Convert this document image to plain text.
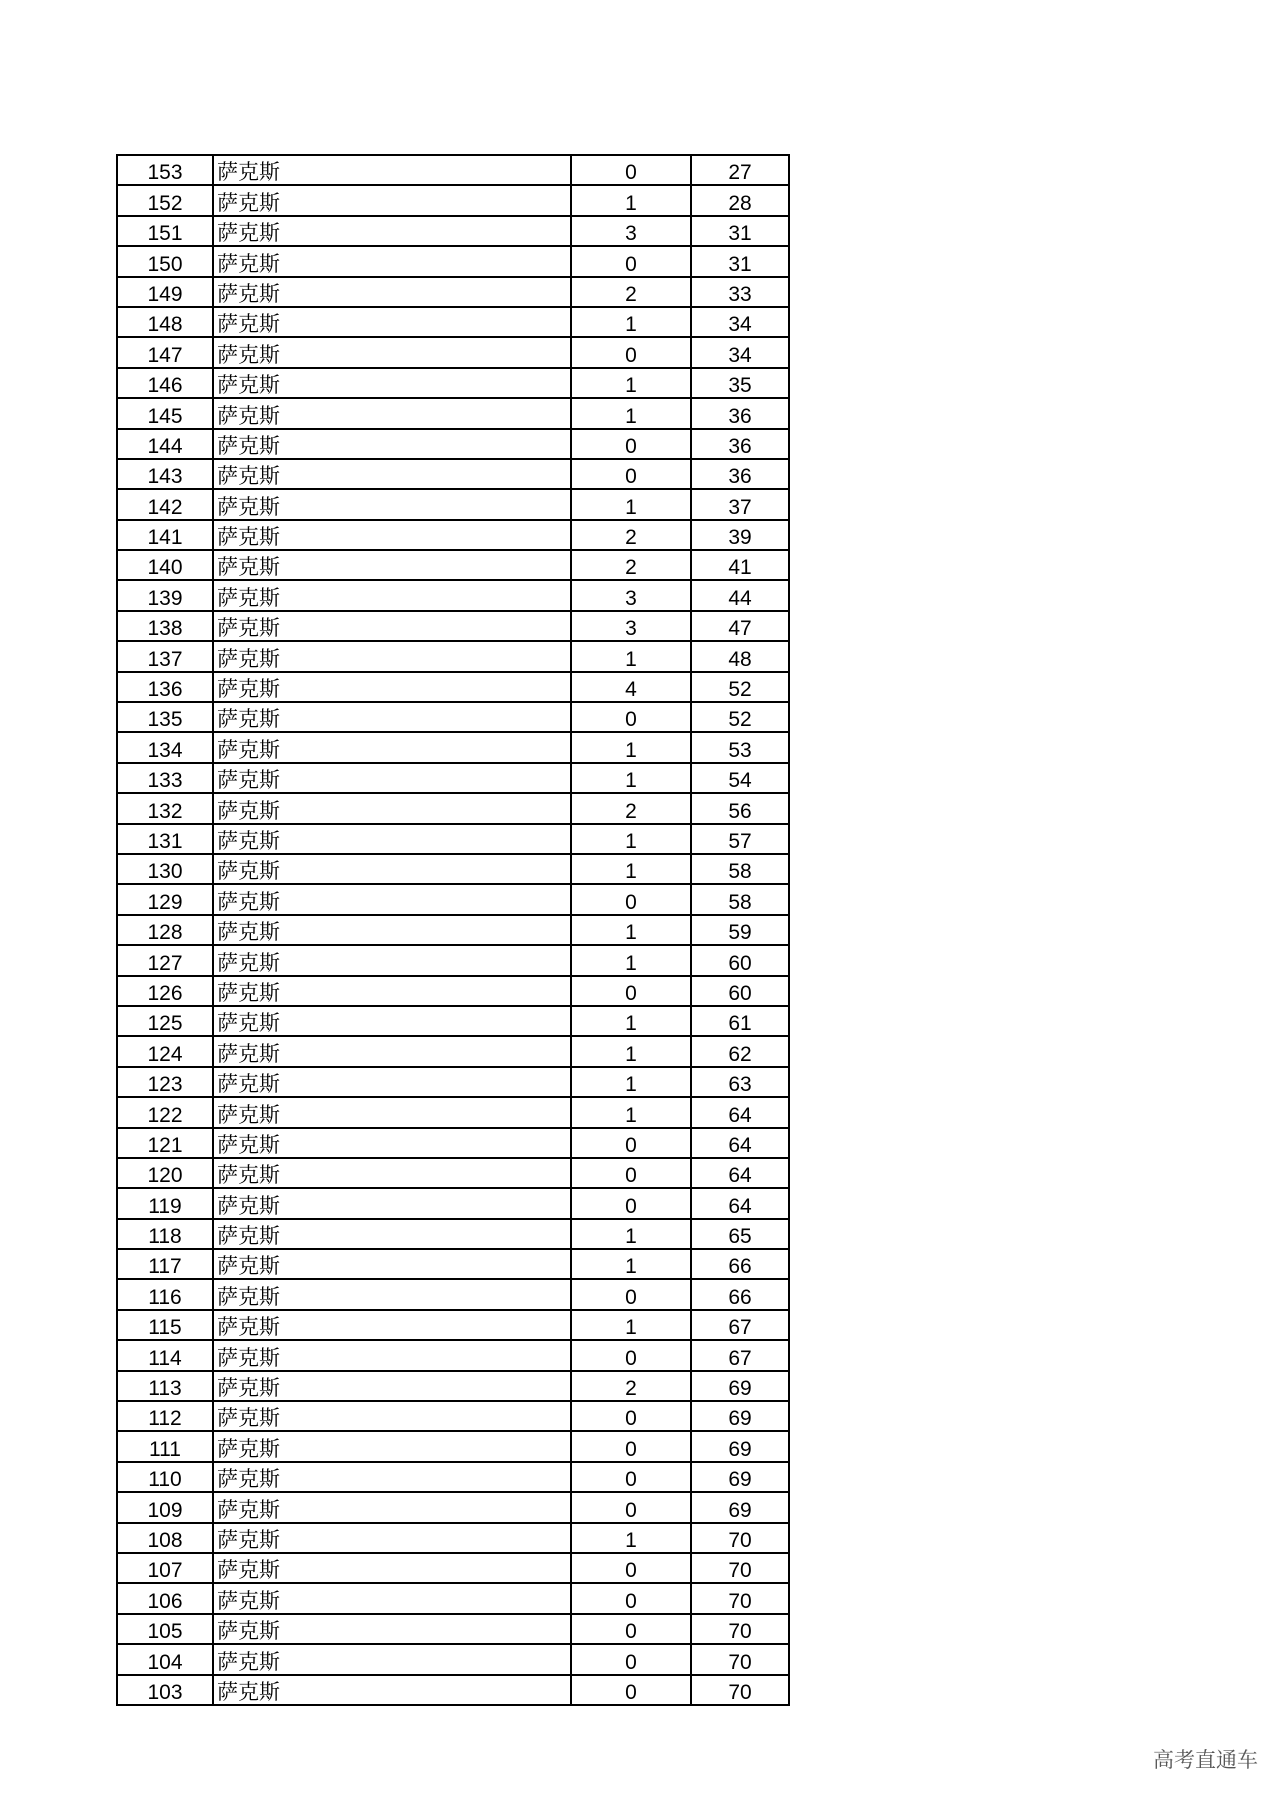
153	萨克斯	0	27
152	萨克斯	1	28
151	萨克斯	3	31
150	萨克斯	0	31
149	萨克斯	2	33
148	萨克斯	1	34
147	萨克斯	0	34
146	萨克斯	1	35
145	萨克斯	1	36
144	萨克斯	0	36
143	萨克斯	0	36
142	萨克斯	1	37
141	萨克斯	2	39
140	萨克斯	2	41
139	萨克斯	3	44
138	萨克斯	3	47
137	萨克斯	1	48
136	萨克斯	4	52
135	萨克斯	0	52
134	萨克斯	1	53
133	萨克斯	1	54
132	萨克斯	2	56
131	萨克斯	1	57
130	萨克斯	1	58
129	萨克斯	0	58
128	萨克斯	1	59
127	萨克斯	1	60
126	萨克斯	0	60
125	萨克斯	1	61
124	萨克斯	1	62
123	萨克斯	1	63
122	萨克斯	1	64
121	萨克斯	0	64
120	萨克斯	0	64
119	萨克斯	0	64
118	萨克斯	1	65
117	萨克斯	1	66
116	萨克斯	0	66
115	萨克斯	1	67
114	萨克斯	0	67
113	萨克斯	2	69
112	萨克斯	0	69
111	萨克斯	0	69
110	萨克斯	0	69
109	萨克斯	0	69
108	萨克斯	1	70
107	萨克斯	0	70
106	萨克斯	0	70
105	萨克斯	0	70
104	萨克斯	0	70
103	萨克斯	0	70
高考直通车
